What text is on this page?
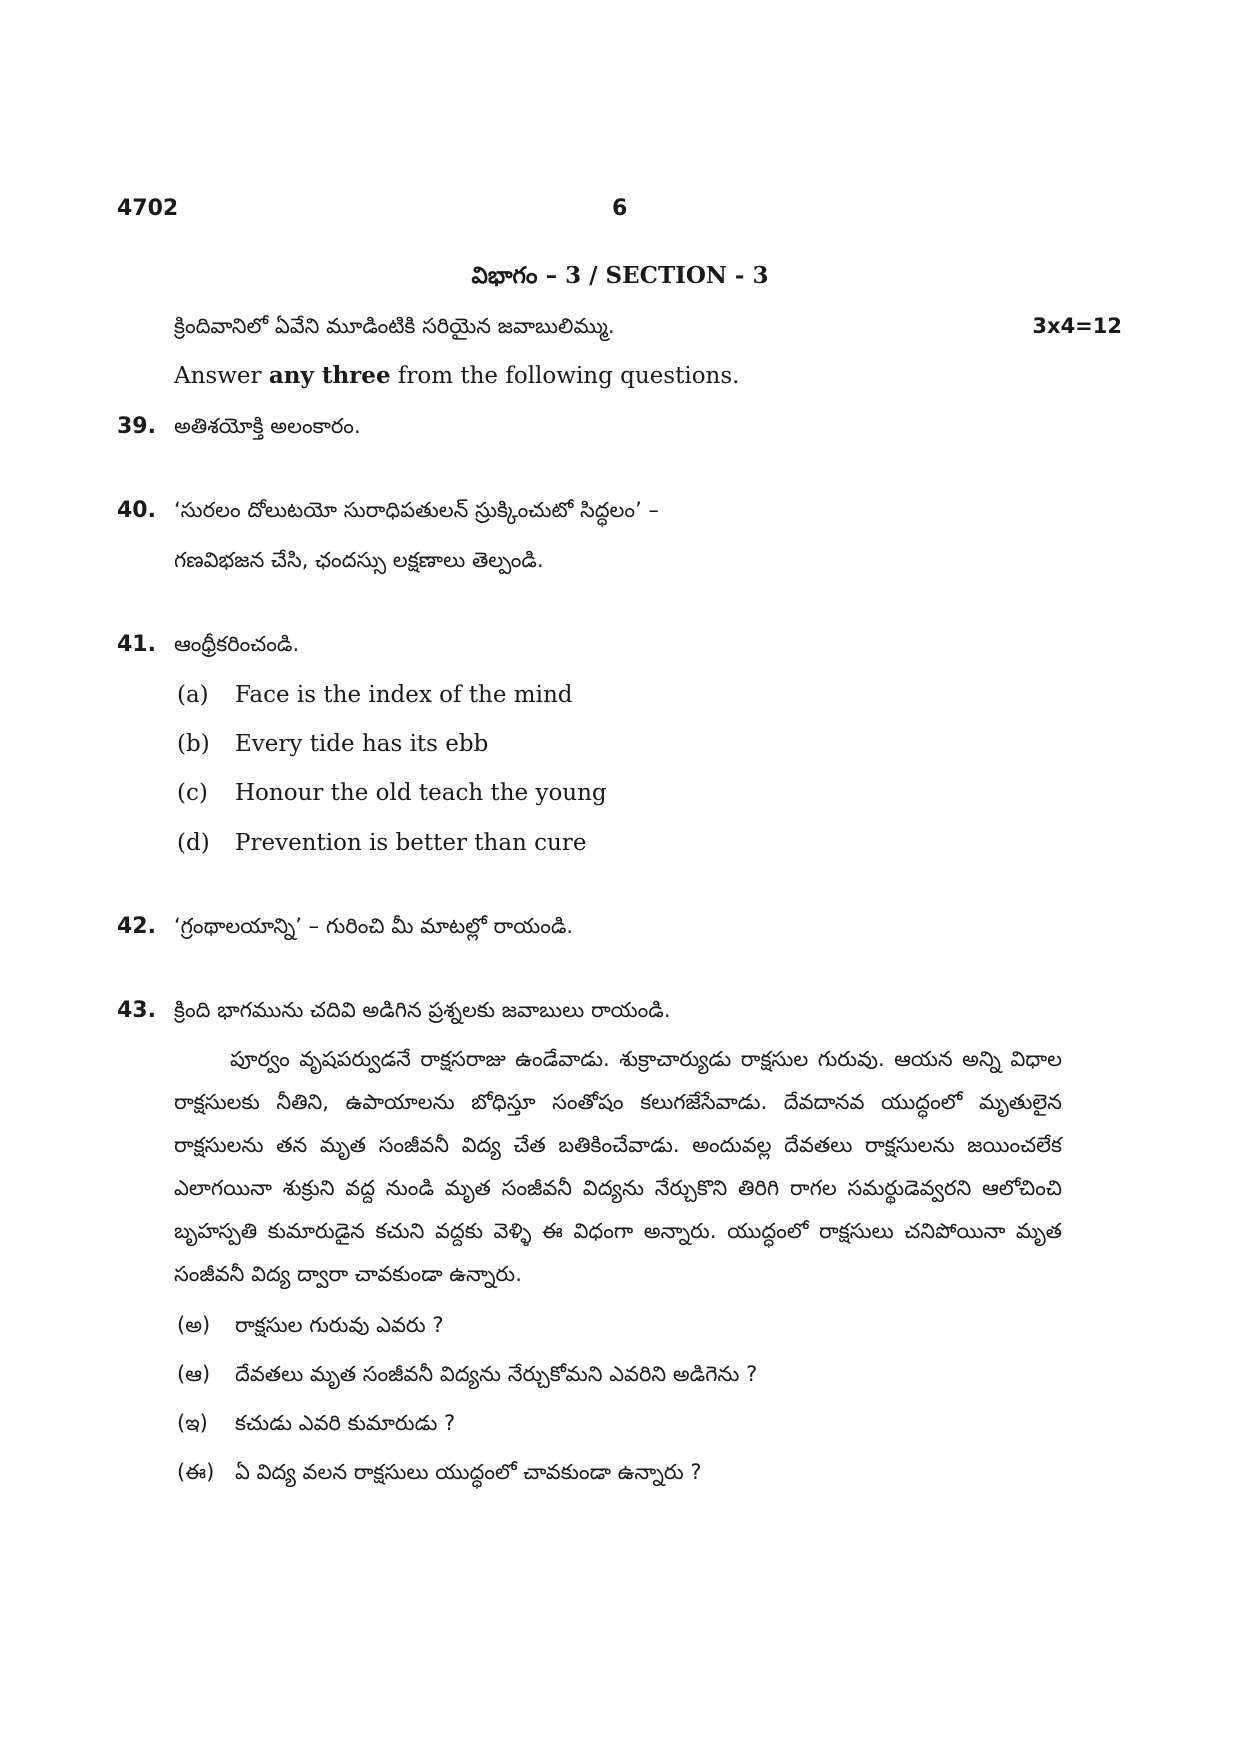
4702	6
విభాగం – 3 / SECTION - 3
క్రిందివానిలో ఏవేని మూడింటికి సరియైన జవాబులిమ్ము.	3x4=12
Answer any three from the following questions.
39. అతిశయోక్తి అలంకారం.
40. ‘సురలం దోలుటయో సురాధిపతులన్ స్రుక్కించుటో సిద్ధలం’ –
గణవిభజన చేసి, ఛందస్సు లక్షణాలు తెల్పండి.
41. ఆంధ్రీకరించండి.
(a) Face is the index of the mind
(b) Every tide has its ebb
(c) Honour the old teach the young
(d) Prevention is better than cure
42. ‘గ్రంథాలయాన్ని’ – గురించి మీ మాటల్లో రాయండి.
43. క్రింది భాగమును చదివి అడిగిన ప్రశ్నలకు జవాబులు రాయండి.
పూర్వం వృషపర్వుడనే రాక్షసరాజు ఉండేవాడు. శుక్రాచార్యుడు రాక్షసుల గురువు. ఆయన అన్ని విధాల రాక్షసులకు నీతిని, ఉపాయాలను బోధిస్తూ సంతోషం కలుగజేసేవాడు. దేవదానవ యుద్ధంలో మృతులైన రాక్షసులను తన మృత సంజీవనీ విద్య చేత బతికించేవాడు. అందువల్ల దేవతలు రాక్షసులను జయించలేక ఎలాగయినా శుక్రుని వద్ద నుండి మృత సంజీవనీ విద్యను నేర్చుకొని తిరిగి రాగల సమర్థుడెవ్వరని ఆలోచించి బృహస్పతి కుమారుడైన కచుని వద్దకు వెళ్ళి ఈ విధంగా అన్నారు. యుద్ధంలో రాక్షసులు చనిపోయినా మృత సంజీవనీ విద్య ద్వారా చావకుండా ఉన్నారు.
(అ) రాక్షసుల గురువు ఎవరు ?
(ఆ) దేవతలు మృత సంజీవనీ విద్యను నేర్చుకోమని ఎవరిని అడిగెను ?
(ఇ) కచుడు ఎవరి కుమారుడు ?
(ఈ) ఏ విద్య వలన రాక్షసులు యుద్ధంలో చావకుండా ఉన్నారు ?
